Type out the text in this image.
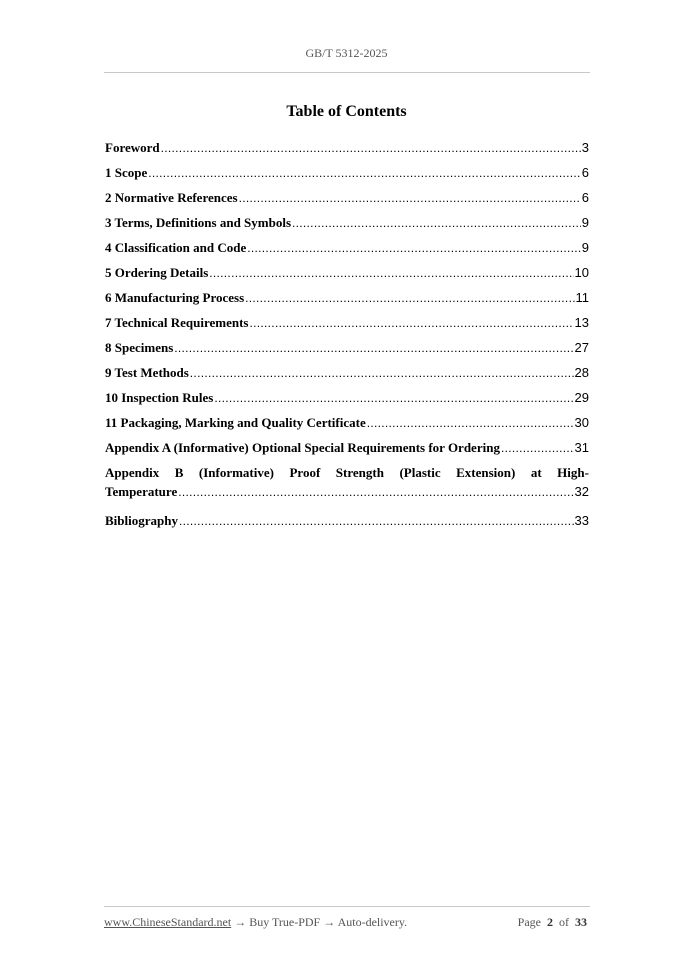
GB/T 5312-2025
Table of Contents
Foreword .....	3
1 Scope .....	6
2 Normative References .....	6
3 Terms, Definitions and Symbols .....	9
4 Classification and Code .....	9
5 Ordering Details .....	10
6 Manufacturing Process .....	11
7 Technical Requirements .....	13
8 Specimens .....	27
9 Test Methods .....	28
10 Inspection Rules .....	29
11 Packaging, Marking and Quality Certificate .....	30
Appendix A (Informative) Optional Special Requirements for Ordering .....	31
Appendix B (Informative) Proof Strength (Plastic Extension) at High-
Temperature .....	32
Bibliography .....	33
www.ChineseStandard.net → Buy True-PDF → Auto-delivery.	Page 2 of 33
